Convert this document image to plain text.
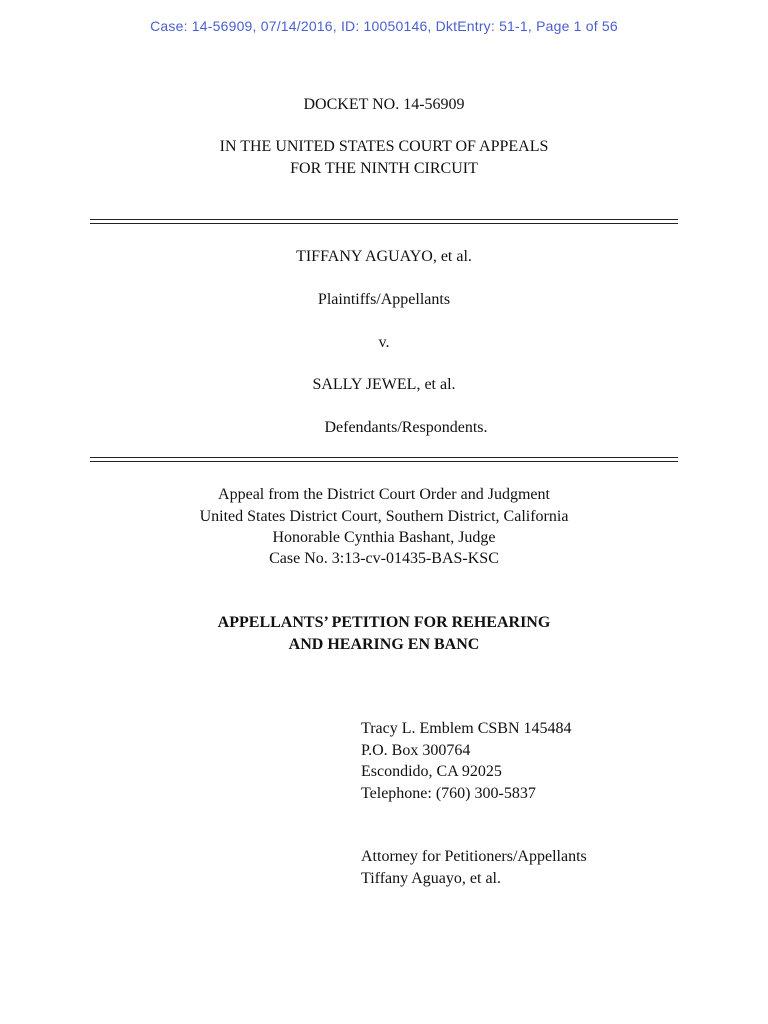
Case: 14-56909, 07/14/2016, ID: 10050146, DktEntry: 51-1, Page 1 of 56
DOCKET NO. 14-56909
IN THE UNITED STATES COURT OF APPEALS
FOR THE NINTH CIRCUIT
TIFFANY AGUAYO, et al.
Plaintiffs/Appellants
v.
SALLY JEWEL, et al.
Defendants/Respondents.
Appeal from the District Court Order and Judgment
United States District Court, Southern District, California
Honorable Cynthia Bashant, Judge
Case No. 3:13-cv-01435-BAS-KSC
APPELLANTS’ PETITION FOR REHEARING
AND HEARING EN BANC
Tracy L. Emblem CSBN 145484
P.O. Box 300764
Escondido, CA 92025
Telephone: (760) 300-5837
Attorney for Petitioners/Appellants
Tiffany Aguayo, et al.
